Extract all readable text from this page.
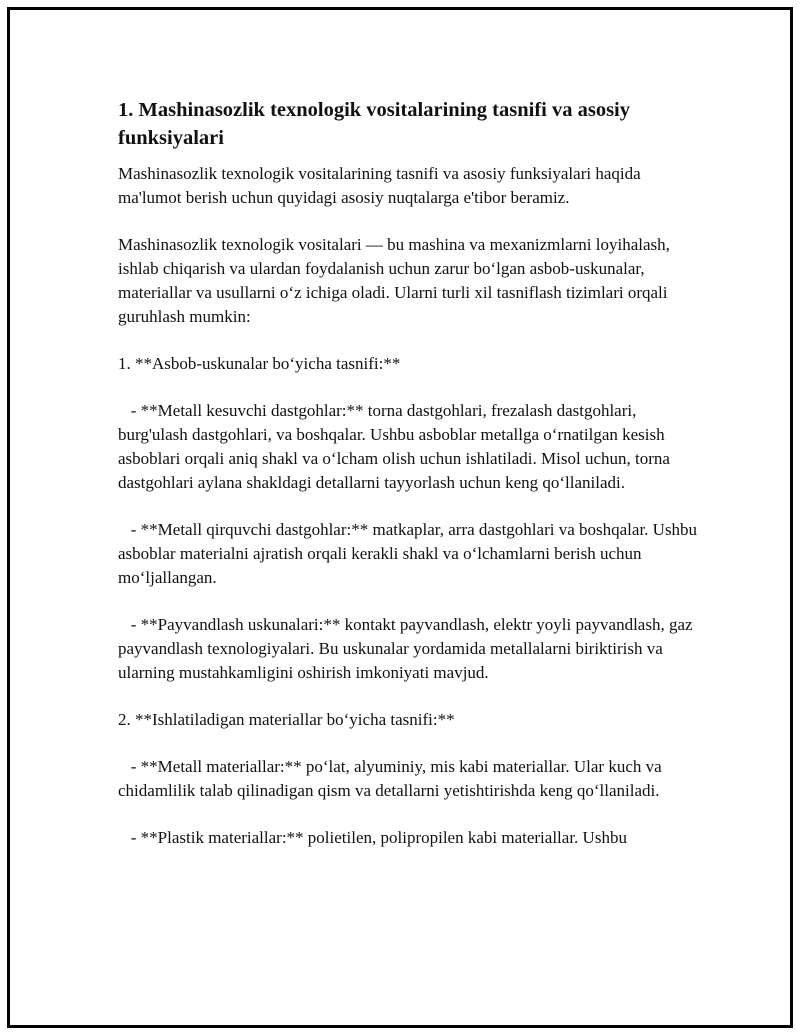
1. Mashinasozlik texnologik vositalarining tasnifi va asosiy funksiyalari

Mashinasozlik texnologik vositalarining tasnifi va asosiy funksiyalari haqida ma'lumot berish uchun quyidagi asosiy nuqtalarga e'tibor beramiz.

Mashinasozlik texnologik vositalari — bu mashina va mexanizmlarni loyihalash, ishlab chiqarish va ulardan foydalanish uchun zarur bo‘lgan asbob-uskunalar, materiallar va usullarni o‘z ichiga oladi. Ularni turli xil tasniflash tizimlari orqali guruhlash mumkin:

1. **Asbob-uskunalar bo‘yicha tasnifi:**

- **Metall kesuvchi dastgohlar:** torna dastgohlari, frezalash dastgohlari, burg'ulash dastgohlari, va boshqalar. Ushbu asboblar metallga o‘rnatilgan kesish asboblari orqali aniq shakl va o‘lcham olish uchun ishlatiladi. Misol uchun, torna dastgohlari aylana shakldagi detallarni tayyorlash uchun keng qo‘llaniladi.

- **Metall qirquvchi dastgohlar:** matkaplar, arra dastgohlari va boshqalar. Ushbu asboblar materialni ajratish orqali kerakli shakl va o‘lchamlarni berish uchun mo‘ljallangan.

- **Payvandlash uskunalari:** kontakt payvandlash, elektr yoyli payvandlash, gaz payvandlash texnologiyalari. Bu uskunalar yordamida metallalarni biriktirish va ularning mustahkamligini oshirish imkoniyati mavjud.

2. **Ishlatiladigan materiallar bo‘yicha tasnifi:**

- **Metall materiallar:** po‘lat, alyuminiy, mis kabi materiallar. Ular kuch va chidamlilik talab qilinadigan qism va detallarni yetishtirishda keng qo‘llaniladi.

- **Plastik materiallar:** polietilen, polipropilen kabi materiallar. Ushbu
